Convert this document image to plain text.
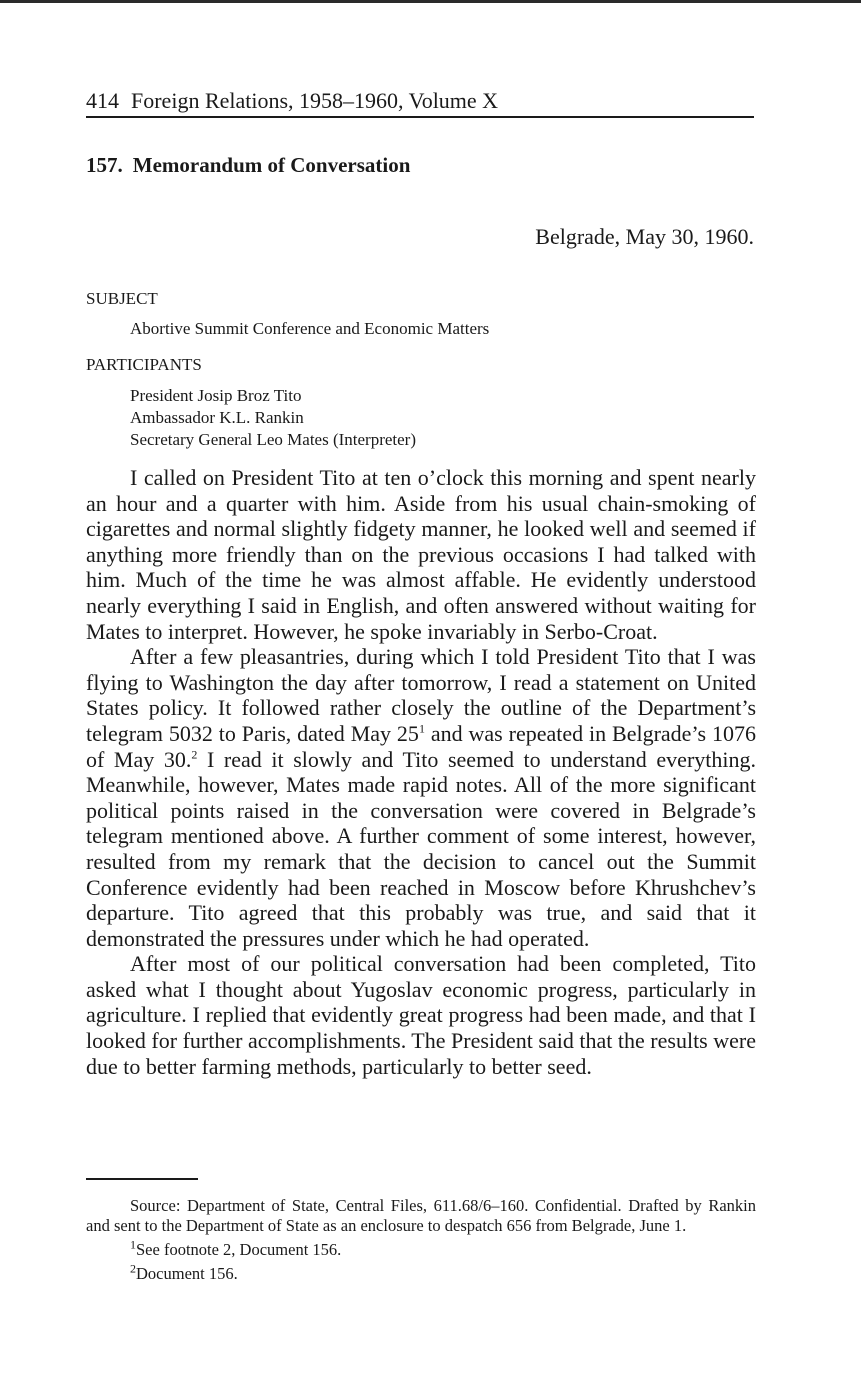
414 Foreign Relations, 1958–1960, Volume X
157. Memorandum of Conversation
Belgrade, May 30, 1960.
SUBJECT
Abortive Summit Conference and Economic Matters
PARTICIPANTS
President Josip Broz Tito
Ambassador K.L. Rankin
Secretary General Leo Mates (Interpreter)

I called on President Tito at ten o’clock this morning and spent nearly an hour and a quarter with him. Aside from his usual chain-smoking of cigarettes and normal slightly fidgety manner, he looked well and seemed if anything more friendly than on the previous occasions I had talked with him. Much of the time he was almost affable. He evidently understood nearly everything I said in English, and often answered without waiting for Mates to interpret. However, he spoke invariably in Serbo-Croat.

After a few pleasantries, during which I told President Tito that I was flying to Washington the day after tomorrow, I read a statement on United States policy. It followed rather closely the outline of the Department’s telegram 5032 to Paris, dated May $25^1$ and was repeated in Belgrade’s 1076 of May 30.$^2$ I read it slowly and Tito seemed to understand everything. Meanwhile, however, Mates made rapid notes. All of the more significant political points raised in the conversation were covered in Belgrade’s telegram mentioned above. A further comment of some interest, however, resulted from my remark that the decision to cancel out the Summit Conference evidently had been reached in Moscow before Khrushchev’s departure. Tito agreed that this probably was true, and said that it demonstrated the pressures under which he had operated.

After most of our political conversation had been completed, Tito asked what I thought about Yugoslav economic progress, particularly in agriculture. I replied that evidently great progress had been made, and that I looked for further accomplishments. The President said that the results were due to better farming methods, particularly to better seed.

Source: Department of State, Central Files, 611.68/6–160. Confidential. Drafted by Rankin and sent to the Department of State as an enclosure to despatch 656 from Belgrade, June 1.

$^1$See footnote 2, Document 156.

$^2$Document 156.
